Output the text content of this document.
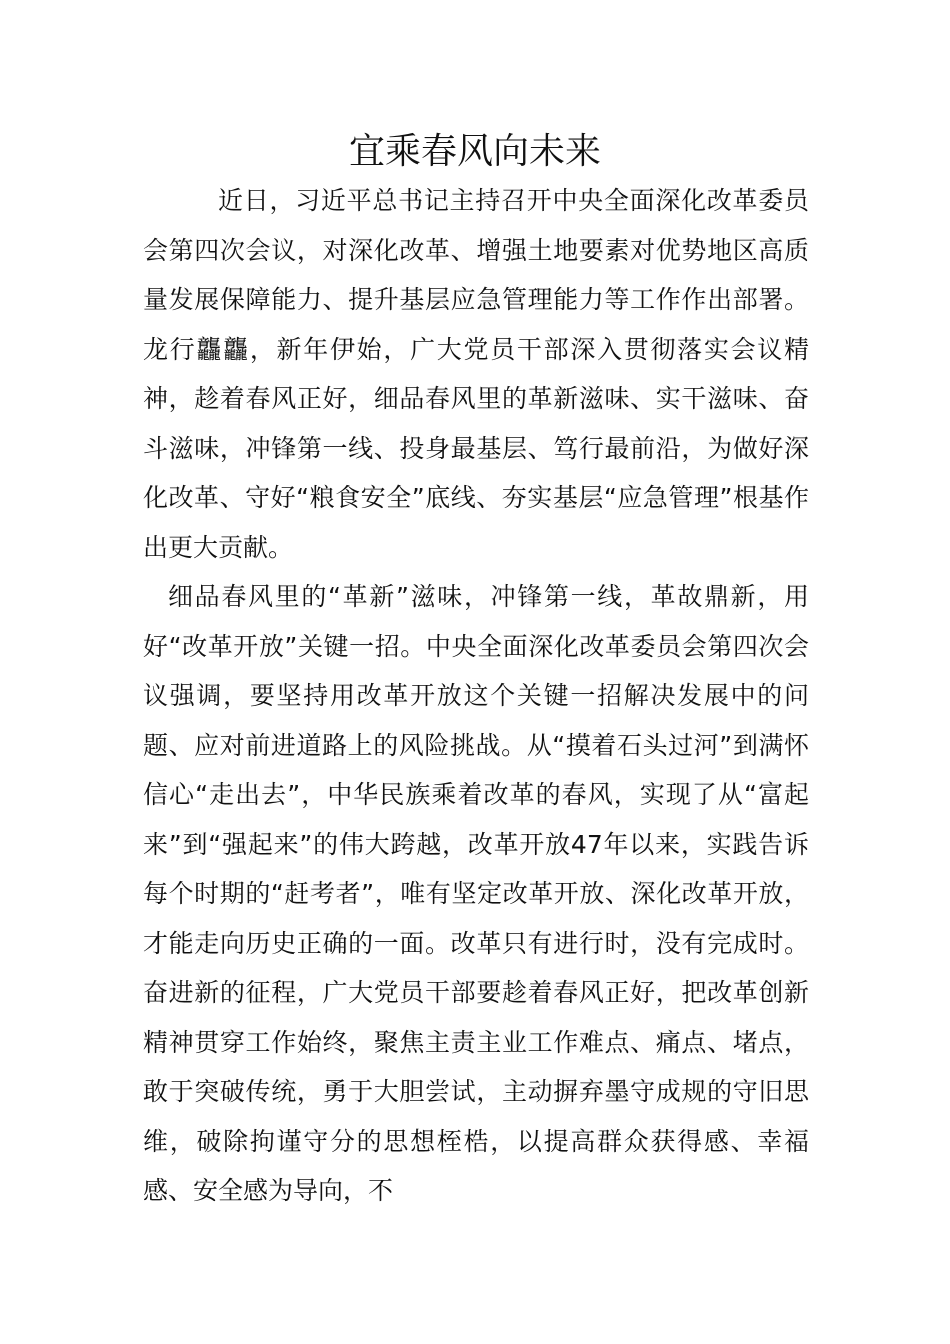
宜乘春风向未来

近日，习近平总书记主持召开中央全面深化改革委员会第四次会议，对深化改革、增强土地要素对优势地区高质量发展保障能力、提升基层应急管理能力等工作作出部署。龙行龘龘，新年伊始，广大党员干部深入贯彻落实会议精神，趁着春风正好，细品春风里的革新滋味、实干滋味、奋斗滋味，冲锋第一线、投身最基层、笃行最前沿，为做好深化改革、守好“粮食安全”底线、夯实基层“应急管理”根基作出更大贡献。

细品春风里的“革新”滋味，冲锋第一线，革故鼎新，用好“改革开放”关键一招。中央全面深化改革委员会第四次会议强调，要坚持用改革开放这个关键一招解决发展中的问题、应对前进道路上的风险挑战。从“摸着石头过河”到满怀信心“走出去”，中华民族乘着改革的春风，实现了从“富起来”到“强起来”的伟大跨越，改革开放47年以来，实践告诉每个时期的“赶考者”，唯有坚定改革开放、深化改革开放，才能走向历史正确的一面。改革只有进行时，没有完成时。奋进新的征程，广大党员干部要趁着春风正好，把改革创新精神贯穿工作始终，聚焦主责主业工作难点、痛点、堵点，敢于突破传统，勇于大胆尝试，主动摒弃墨守成规的守旧思维，破除拘谨守分的思想桎梏，以提高群众获得感、幸福感、安全感为导向，不
